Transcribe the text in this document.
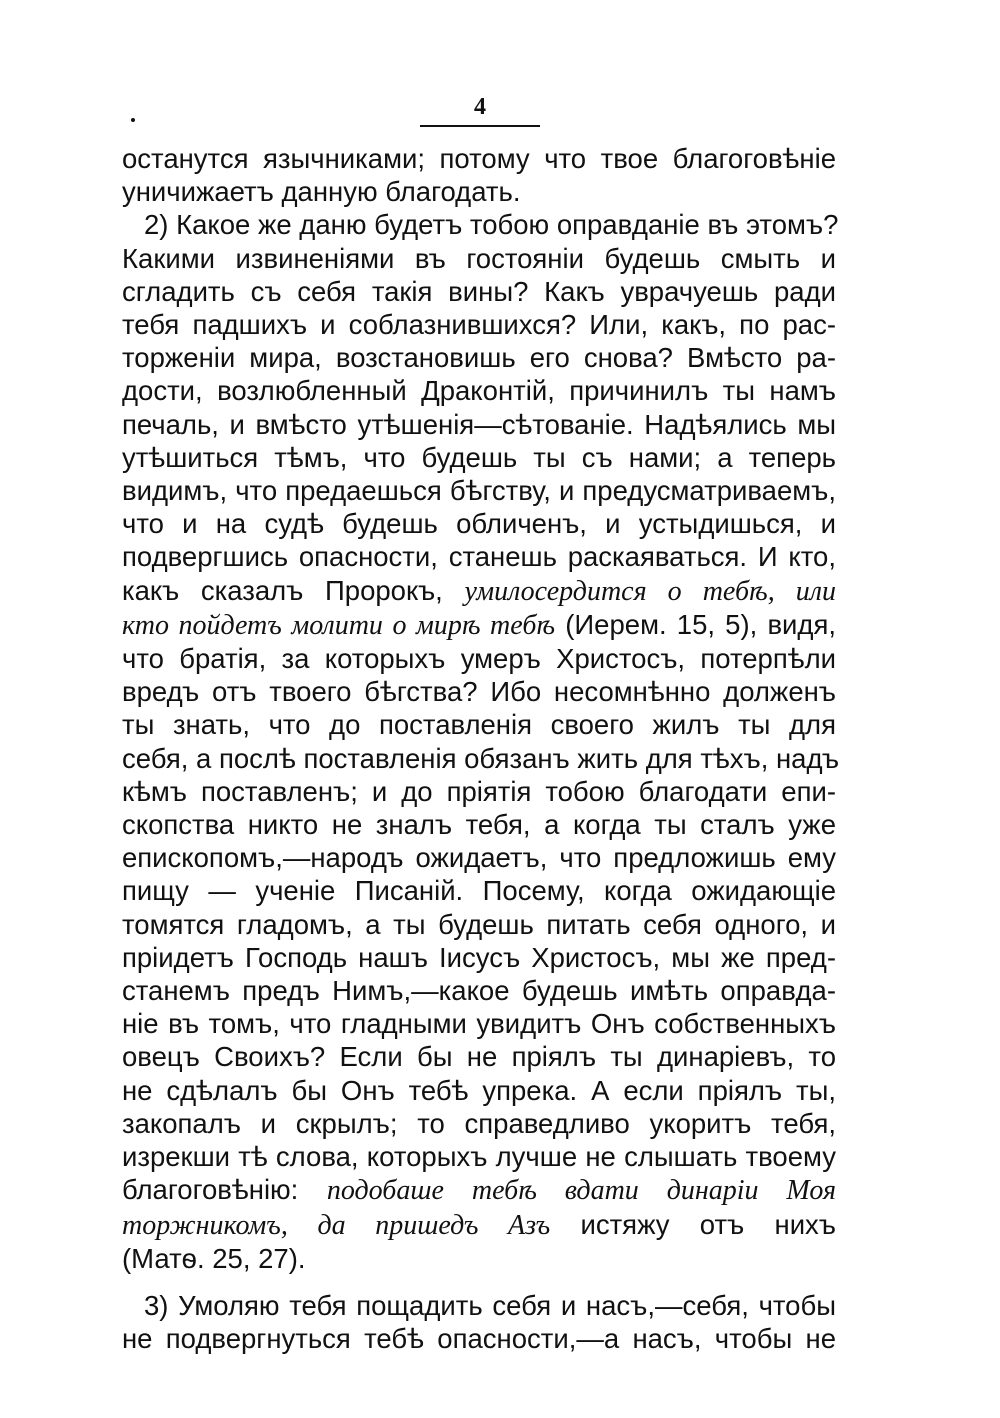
4
останутся язычниками; потому что твое благоговѣніе
уничижаетъ данную благодать.
2) Какое же даню будетъ тобою оправданіе въ этомъ?
Какими извиненіями въ гостояніи будешь смыть и
сгладить съ себя такія вины? Какъ уврачуешь ради
тебя падшихъ и соблазнившихся? Или, какъ, по рас-
торженіи мира, возстановишь его снова? Вмѣсто ра-
дости, возлюбленный Драконтій, причинилъ ты намъ
печаль, и вмѣсто утѣшенія—сѣтованіе. Надѣялись мы
утѣшиться тѣмъ, что будешь ты съ нами; а теперь
видимъ, что предаешься бѣгству, и предусматриваемъ,
что и на судѣ будешь обличенъ, и устыдишься, и
подвергшись опасности, станешь раскаяваться. И кто,
какъ сказалъ Пророкъ, умилосердится о тебѣ, или
кто пойдетъ молити о мирѣ тебѣ (Иерем. 15, 5), видя,
что братія, за которыхъ умеръ Христосъ, потерпѣли
вредъ отъ твоего бѣгства? Ибо несомнѣнно долженъ
ты знать, что до поставленія своего жилъ ты для
себя, а послѣ поставленія обязанъ жить для тѣхъ, надъ
кѣмъ поставленъ; и до пріятія тобою благодати епи-
скопства никто не зналъ тебя, а когда ты сталъ уже
епископомъ,—народъ ожидаетъ, что предложишь ему
пищу — ученіе Писаній. Посему, когда ожидающіе
томятся гладомъ, а ты будешь питать себя одного, и
пріидетъ Господь нашъ Іисусъ Христосъ, мы же пред-
станемъ предъ Нимъ,—какое будешь имѣть оправда-
ніе въ томъ, что гладными увидитъ Онъ собственныхъ
овецъ Своихъ? Если бы не пріялъ ты динаріевъ, то
не сдѣлалъ бы Онъ тебѣ упрека. А если пріялъ ты,
закопалъ и скрылъ; то справедливо укоритъ тебя,
изрекши тѣ слова, которыхъ лучше не слышать твоему
благоговѣнію: подобаше тебѣ вдати динаріи Моя
торжникомъ, да пришедъ Азъ истяжу отъ нихъ
(Матѳ. 25, 27).
3) Умоляю тебя пощадить себя и насъ,—себя, чтобы
не подвергнуться тебѣ опасности,—а насъ, чтобы не
